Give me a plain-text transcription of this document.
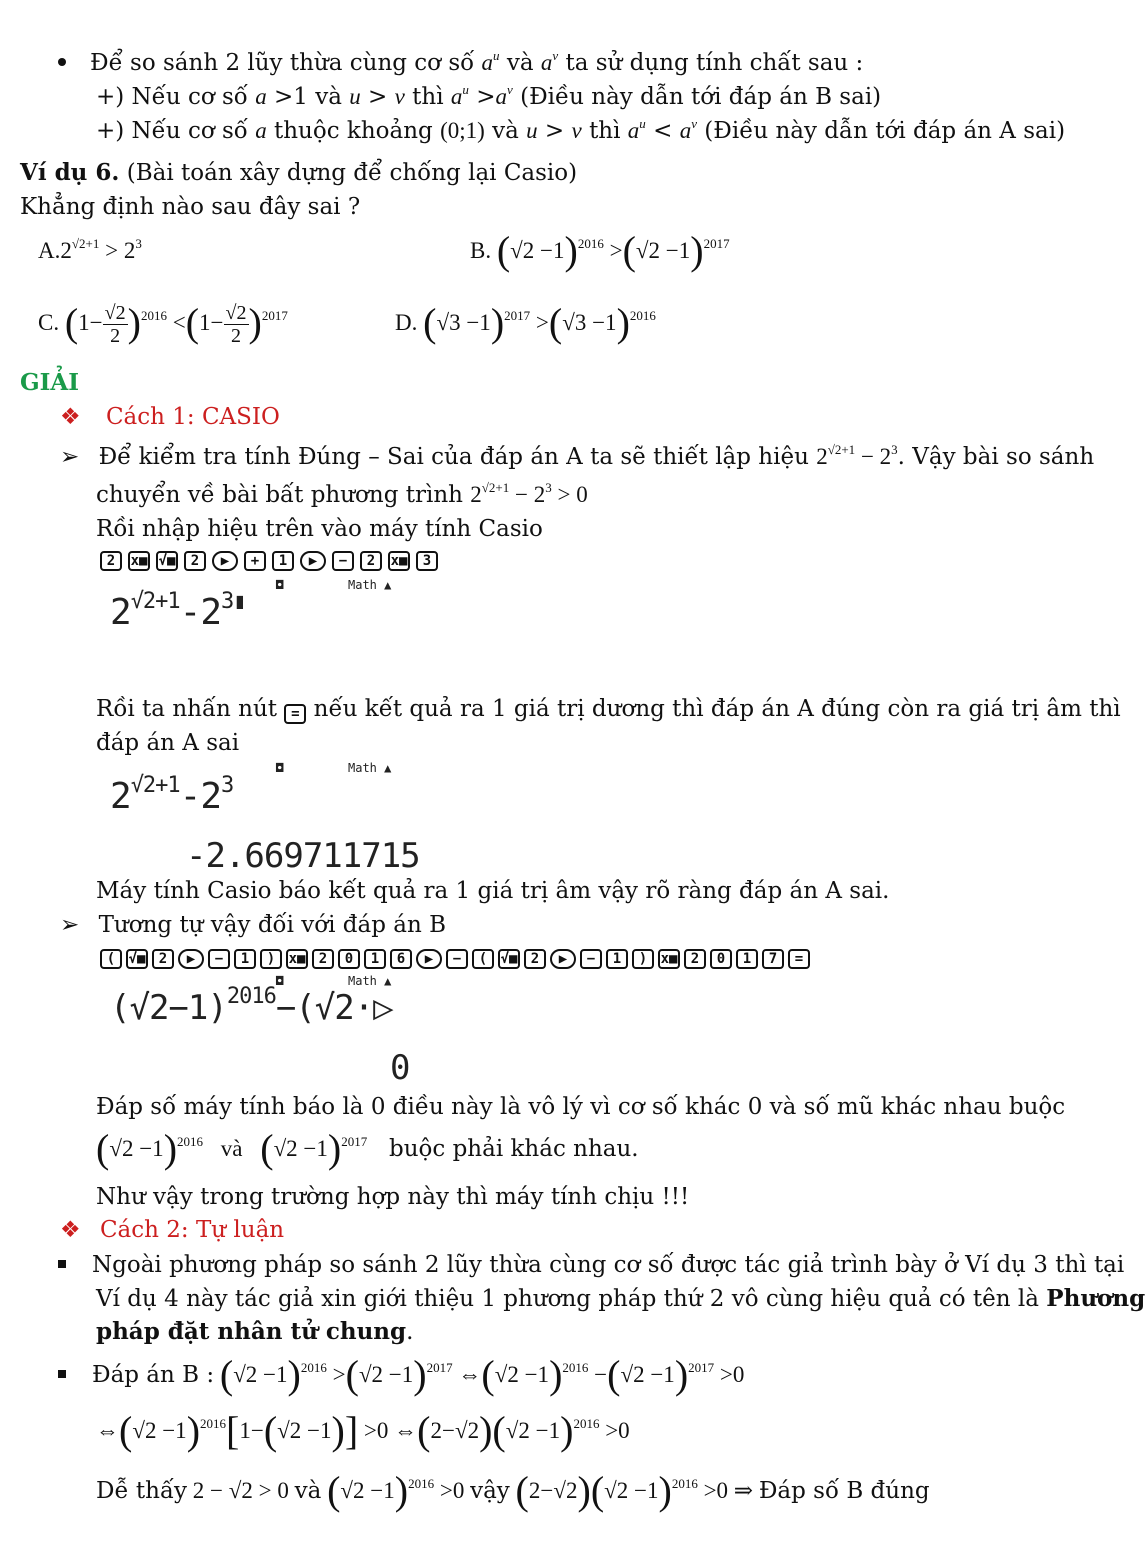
Để so sánh 2 lũy thừa cùng cơ số $a^u$ và $a^v$ ta sử dụng tính chất sau :
+) Nếu cơ số a >1 và u > v thì $a^u >a^v$ (Điều này dẫn tới đáp án B sai)
+) Nếu cơ số a thuộc khoảng (0;1) và u > v thì $a^u < a^v$ (Điều này dẫn tới đáp án A sai)
Ví dụ 6. (Bài toán xây dựng để chống lại Casio)
Khẳng định nào sau đây sai ?
$A.2^{√2+1} > 2^3$	B. $(√2 -1)^{2016} >(√2 -1)^{2017}$
C. $(1- \frac{√2}{2} )^{2016} <(1- \frac{√2}{2} )^{2017}$	D. $(√3 -1)^{2017} >(√3 -1)^{2016}$
GIẢI
❖ Cách 1: CASIO
➢ Để kiểm tra tính Đúng – Sai của đáp án A ta sẽ thiết lập hiệu $2^{√2+1} - 2^3$. Vậy bài so sánh
chuyển về bài bất phương trình $2^{√2+1} - 2^3 > 0$
Rồi nhập hiệu trên vào máy tính Casio
2	x■ √■	2	▶	+	1	▶	−	2	x■	3
◘	Math ▲
$2^{√2+1}-2^{3▮}$
Rồi ta nhấn nút = nếu kết quả ra 1 giá trị dương thì đáp án A đúng còn ra giá trị âm thì
đáp án A sai
◘	Math ▲
$2^{√2+1}-2^3$
-2.669711715
Máy tính Casio báo kết quả ra 1 giá trị âm vậy rõ ràng đáp án A sai.
➢ Tương tự vậy đối với đáp án B
( √■ 2	▶	−	1	) x■ 2	0	1	6	▶	−	( √■ 2	▶	−	1	) x■ 2	0	1	7	=
◘	Math ▲
$(√2-1)^{2016}-(√2\cdot▷$
0
Đáp số máy tính báo là 0 điều này là vô lý vì cơ số khác 0 và số mũ khác nhau buộc
$(√2 -1)^{2016}$ và $(√2 -1)^{2017}$ buộc phải khác nhau.
Như vậy trong trường hợp này thì máy tính chịu !!!
❖ Cách 2: Tự luận
Ngoài phương pháp so sánh 2 lũy thừa cùng cơ số được tác giả trình bày ở Ví dụ 3 thì tại
Ví dụ 4 này tác giả xin giới thiệu 1 phương pháp thứ 2 vô cùng hiệu quả có tên là Phương
pháp đặt nhân tử chung.
Đáp án B : $(√2 -1)^{2016} >(√2 -1)^{2017}$ ⇔(√2 $-1)^{2016} -(√2 -1)^{2017} >0$
⇔(√2 −1)$^{2016}$[1−(√2 −1)] >0 ⇔(2−√2)(√2 −1)$^{2016}$ >0
Dễ thấy 2 − √2 > 0 và $(√2 -1)^{2016} >0$ vậy $(2-√2)(√2 -1)^{2016} >0$ ⇒ Đáp số B đúng
